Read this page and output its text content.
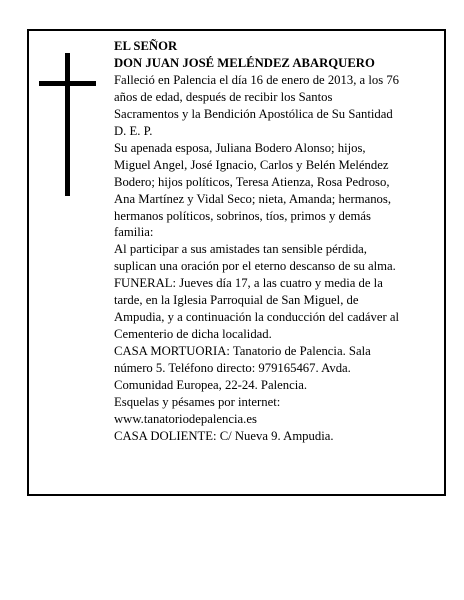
EL SEÑOR

DON JUAN JOSÉ MELÉNDEZ ABARQUERO

Falleció en Palencia el día 16 de enero de 2013, a los 76
años de edad, después de recibir los Santos
Sacramentos y la Bendición Apostólica de Su Santidad
D. E. P.

Su apenada esposa, Juliana Bodero Alonso; hijos,
Miguel Angel, José Ignacio, Carlos y Belén Meléndez
Bodero; hijos políticos, Teresa Atienza, Rosa Pedroso,
Ana Martínez y Vidal Seco; nieta, Amanda; hermanos,
hermanos políticos, sobrinos, tíos, primos y demás
familia:

Al participar a sus amistades tan sensible pérdida,
suplican una oración por el eterno descanso de su alma.

FUNERAL: Jueves día 17, a las cuatro y media de la
tarde, en la Iglesia Parroquial de San Miguel, de
Ampudia, y a continuación la conducción del cadáver al
Cementerio de dicha localidad.

CASA MORTUORIA: Tanatorio de Palencia. Sala
número 5. Teléfono directo: 979165467. Avda.
Comunidad Europea, 22-24. Palencia.

Esquelas y pésames por internet:
www.tanatoriodepalencia.es

CASA DOLIENTE: C/ Nueva 9. Ampudia.
